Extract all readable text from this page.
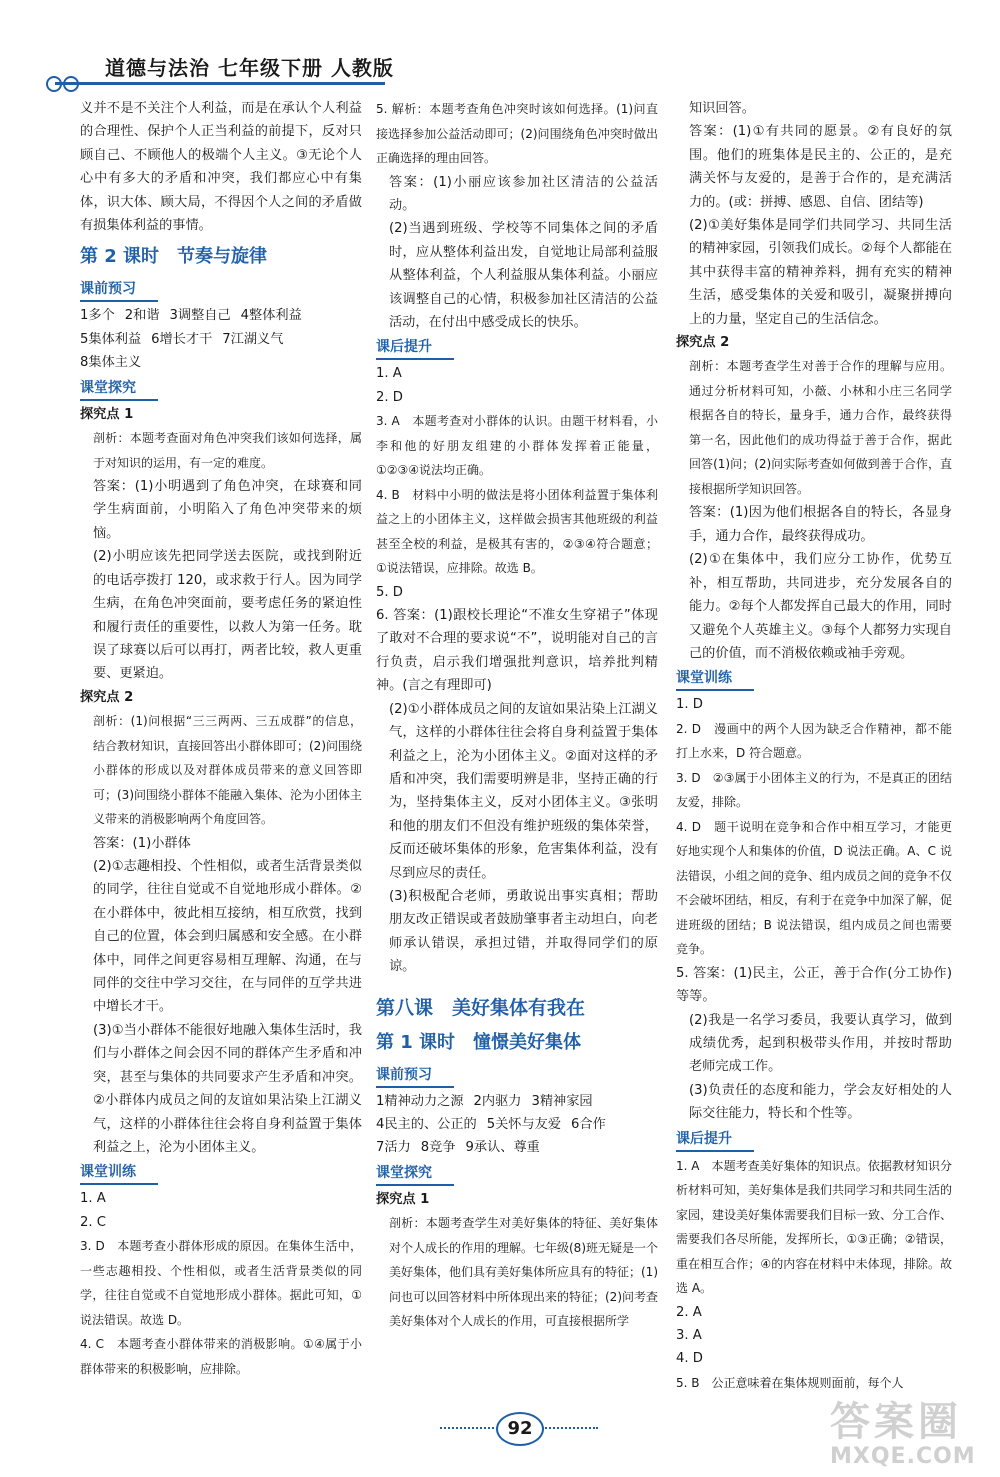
道德与法治 七年级下册 人教版

义并不是不关注个人利益，而是在承认个人利益的合理性、保护个人正当利益的前提下，反对只顾自己、不顾他人的极端个人主义。③无论个人心中有多大的矛盾和冲突，我们都应心中有集体，识大体、顾大局，不得因个人之间的矛盾做有损集体利益的事情。

第 2 课时　节奏与旋律
课前预习
1多个 2和谐 3调整自己 4整体利益
5集体利益 6增长才干 7江湖义气
8集体主义
课堂探究

探究点 1

剖析：本题考查面对角色冲突我们该如何选择，属于对知识的运用，有一定的难度。

答案：(1)小明遇到了角色冲突，在球赛和同学生病面前，小明陷入了角色冲突带来的烦恼。

(2)小明应该先把同学送去医院，或找到附近的电话亭拨打 120，或求救于行人。因为同学生病，在角色冲突面前，要考虑任务的紧迫性和履行责任的重要性，以救人为第一任务。耽误了球赛以后可以再打，两者比较，救人更重要、更紧迫。

探究点 2

剖析：(1)问根据“三三两两、三五成群”的信息，结合教材知识，直接回答出小群体即可；(2)问围绕小群体的形成以及对群体成员带来的意义回答即可；(3)问围绕小群体不能融入集体、沦为小团体主义带来的消极影响两个角度回答。

答案：(1)小群体

(2)①志趣相投、个性相似，或者生活背景类似的同学，往往自觉或不自觉地形成小群体。②在小群体中，彼此相互接纳，相互欣赏，找到自己的位置，体会到归属感和安全感。在小群体中，同伴之间更容易相互理解、沟通，在与同伴的交往中学习交往，在与同伴的互学共进中增长才干。

(3)①当小群体不能很好地融入集体生活时，我们与小群体之间会因不同的群体产生矛盾和冲突，甚至与集体的共同要求产生矛盾和冲突。②小群体内成员之间的友谊如果沾染上江湖义气，这样的小群体往往会将自身利益置于集体利益之上，沦为小团体主义。

课堂训练

1. A

2. C

3. D　本题考查小群体形成的原因。在集体生活中，一些志趣相投、个性相似，或者生活背景类似的同学，往往自觉或不自觉地形成小群体。据此可知，①说法错误。故选 D。

4. C　本题考查小群体带来的消极影响。①④属于小群体带来的积极影响，应排除。

5. 解析：本题考查角色冲突时该如何选择。(1)问直接选择参加公益活动即可；(2)问围绕角色冲突时做出正确选择的理由回答。

答案：(1)小丽应该参加社区清洁的公益活动。

(2)当遇到班级、学校等不同集体之间的矛盾时，应从整体利益出发，自觉地让局部利益服从整体利益，个人利益服从集体利益。小丽应该调整自己的心情，积极参加社区清洁的公益活动，在付出中感受成长的快乐。

课后提升

1. A

2. D

3. A　本题考查对小群体的认识。由题干材料看，小李和他的好朋友组建的小群体发挥着正能量，①②③④说法均正确。

4. B　材料中小明的做法是将小团体利益置于集体利益之上的小团体主义，这样做会损害其他班级的利益甚至全校的利益，是极其有害的，②③④符合题意；①说法错误，应排除。故选 B。

5. D

6. 答案：(1)跟校长理论“不准女生穿裙子”体现了敢对不合理的要求说“不”，说明能对自己的言行负责，启示我们增强批判意识，培养批判精神。(言之有理即可)

(2)①小群体成员之间的友谊如果沾染上江湖义气，这样的小群体往往会将自身利益置于集体利益之上，沦为小团体主义。②面对这样的矛盾和冲突，我们需要明辨是非，坚持正确的行为，坚持集体主义，反对小团体主义。③张明和他的朋友们不但没有维护班级的集体荣誉，反而还破坏集体的形象，危害集体利益，没有尽到应尽的责任。

(3)积极配合老师，勇敢说出事实真相；帮助朋友改正错误或者鼓励肇事者主动坦白，向老师承认错误，承担过错，并取得同学们的原谅。

第八课　美好集体有我在
第 1 课时　憧憬美好集体
课前预习
1精神动力之源 2内驱力 3精神家园
4民主的、公正的 5关怀与友爱 6合作
7活力 8竞争 9承认、尊重
课堂探究

探究点 1

剖析：本题考查学生对美好集体的特征、美好集体对个人成长的作用的理解。七年级(8)班无疑是一个美好集体，他们具有美好集体所应具有的特征；(1)问也可以回答材料中所体现出来的特征；(2)问考查美好集体对个人成长的作用，可直接根据所学

知识回答。

答案：(1)①有共同的愿景。②有良好的氛围。他们的班集体是民主的、公正的，是充满关怀与友爱的，是善于合作的，是充满活力的。(或：拼搏、感恩、自信、团结等)

(2)①美好集体是同学们共同学习、共同生活的精神家园，引领我们成长。②每个人都能在其中获得丰富的精神养料，拥有充实的精神生活，感受集体的关爱和吸引，凝聚拼搏向上的力量，坚定自己的生活信念。

探究点 2

剖析：本题考查学生对善于合作的理解与应用。通过分析材料可知，小薇、小林和小庄三名同学根据各自的特长，量身手，通力合作，最终获得第一名，因此他们的成功得益于善于合作，据此回答(1)问；(2)问实际考查如何做到善于合作，直接根据所学知识回答。

答案：(1)因为他们根据各自的特长，各显身手，通力合作，最终获得成功。

(2)①在集体中，我们应分工协作，优势互补，相互帮助，共同进步，充分发展各自的能力。②每个人都发挥自己最大的作用，同时又避免个人英雄主义。③每个人都努力实现自己的价值，而不消极依赖或袖手旁观。

课堂训练

1. D

2. D　漫画中的两个人因为缺乏合作精神，都不能打上水来，D 符合题意。

3. D　②③属于小团体主义的行为，不是真正的团结友爱，排除。

4. D　题干说明在竞争和合作中相互学习，才能更好地实现个人和集体的价值，D 说法正确。A、C 说法错误，小组之间的竞争、组内成员之间的竞争不仅不会破坏团结，相反，有利于在竞争中加深了解，促进班级的团结；B 说法错误，组内成员之间也需要竞争。

5. 答案：(1)民主，公正，善于合作(分工协作)等等。

(2)我是一名学习委员，我要认真学习，做到成绩优秀，起到积极带头作用，并按时帮助老师完成工作。

(3)负责任的态度和能力，学会友好相处的人际交往能力，特长和个性等。

课后提升

1. A　本题考查美好集体的知识点。依据教材知识分析材料可知，美好集体是我们共同学习和共同生活的家园，建设美好集体需要我们目标一致、分工合作、需要我们各尽所能，发挥所长，①③正确；②错误，重在相互合作；④的内容在材料中未体现，排除。故选 A。

2. A

3. A

4. D

5. B　公正意味着在集体规则面前，每个人

92	答案圈
MXQE.COM
